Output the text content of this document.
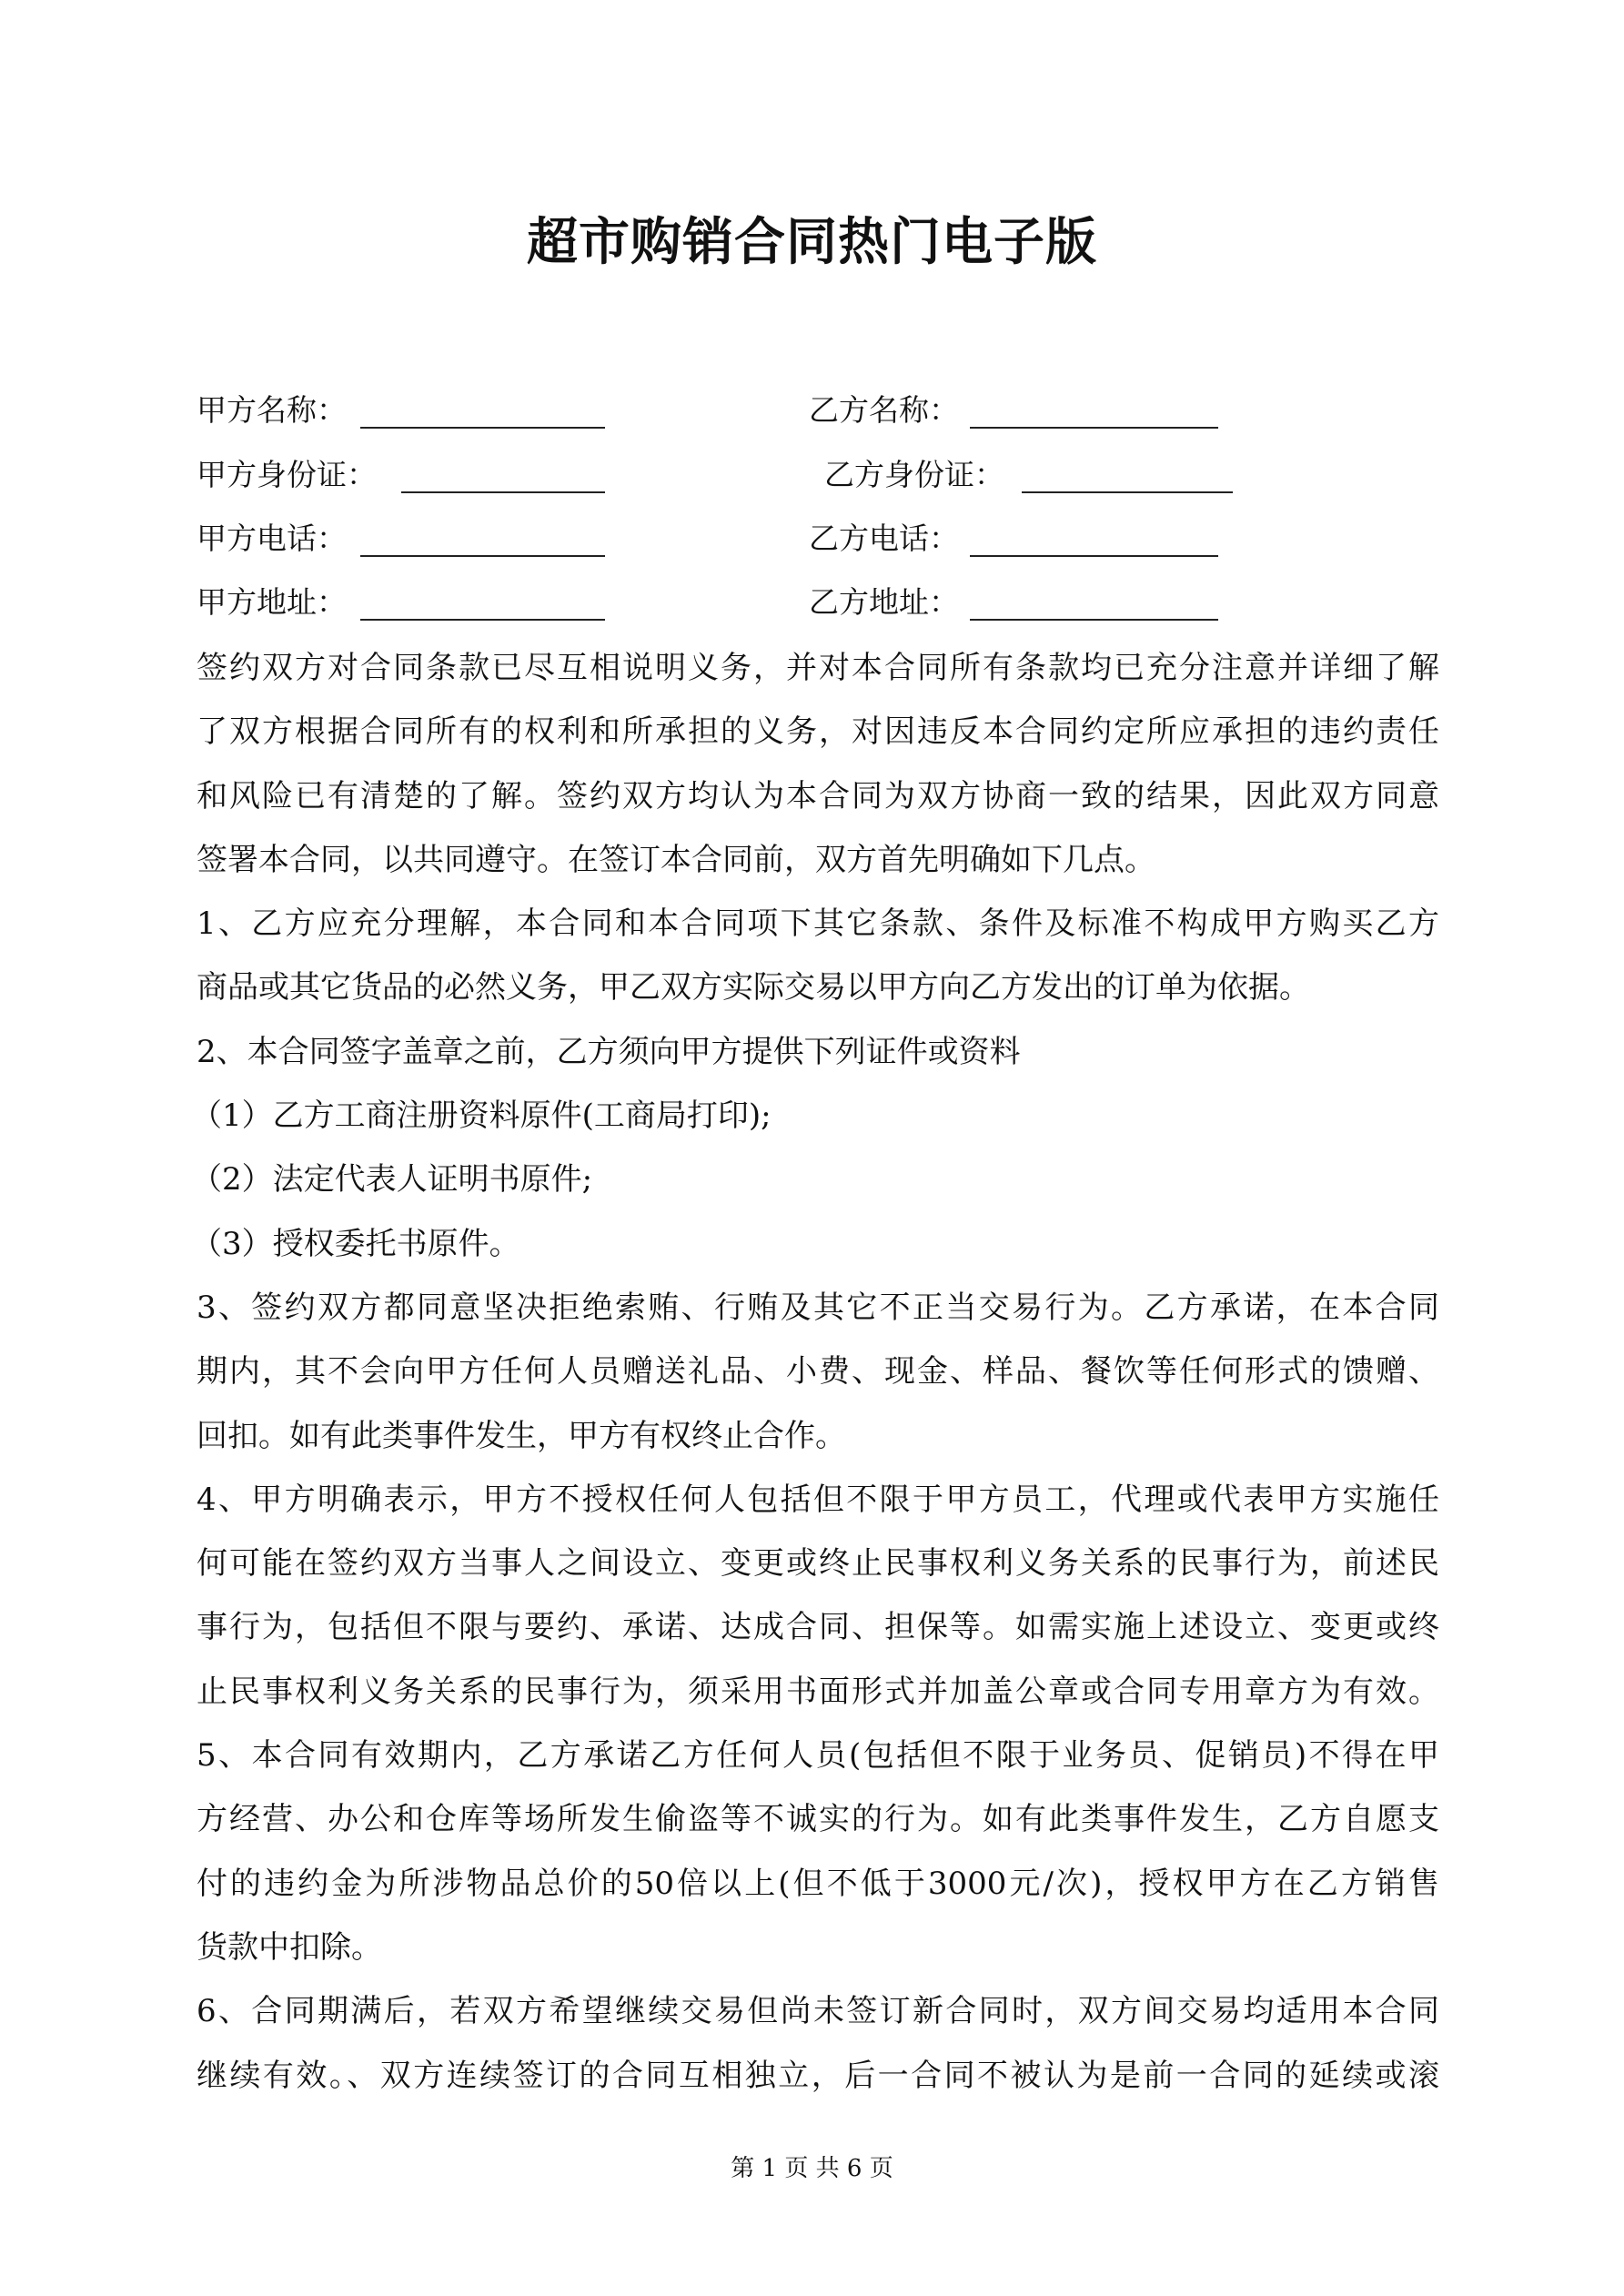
超市购销合同热门电子版
甲方名称：	乙方名称：
甲方身份证：	乙方身份证：
甲方电话：	乙方电话：
甲方地址：	乙方地址：
签约双方对合同条款已尽互相说明义务，并对本合同所有条款均已充分注意并详细了解
了双方根据合同所有的权利和所承担的义务，对因违反本合同约定所应承担的违约责任
和风险已有清楚的了解。签约双方均认为本合同为双方协商一致的结果，因此双方同意
签署本合同，以共同遵守。在签订本合同前，双方首先明确如下几点。
1、乙方应充分理解，本合同和本合同项下其它条款、条件及标准不构成甲方购买乙方
商品或其它货品的必然义务，甲乙双方实际交易以甲方向乙方发出的订单为依据。
2、本合同签字盖章之前，乙方须向甲方提供下列证件或资料
（1）乙方工商注册资料原件(工商局打印);
（2）法定代表人证明书原件;
（3）授权委托书原件。
3、签约双方都同意坚决拒绝索贿、行贿及其它不正当交易行为。乙方承诺，在本合同
期内，其不会向甲方任何人员赠送礼品、小费、现金、样品、餐饮等任何形式的馈赠、
回扣。如有此类事件发生，甲方有权终止合作。
4、甲方明确表示，甲方不授权任何人包括但不限于甲方员工，代理或代表甲方实施任
何可能在签约双方当事人之间设立、变更或终止民事权利义务关系的民事行为，前述民
事行为，包括但不限与要约、承诺、达成合同、担保等。如需实施上述设立、变更或终
止民事权利义务关系的民事行为，须采用书面形式并加盖公章或合同专用章方为有效。
5、本合同有效期内，乙方承诺乙方任何人员(包括但不限于业务员、促销员)不得在甲
方经营、办公和仓库等场所发生偷盗等不诚实的行为。如有此类事件发生，乙方自愿支
付的违约金为所涉物品总价的50倍以上(但不低于3000元/次)，授权甲方在乙方销售
货款中扣除。
6、合同期满后，若双方希望继续交易但尚未签订新合同时，双方间交易均适用本合同
继续有效。、双方连续签订的合同互相独立，后一合同不被认为是前一合同的延续或滚
第 1 页 共 6 页
